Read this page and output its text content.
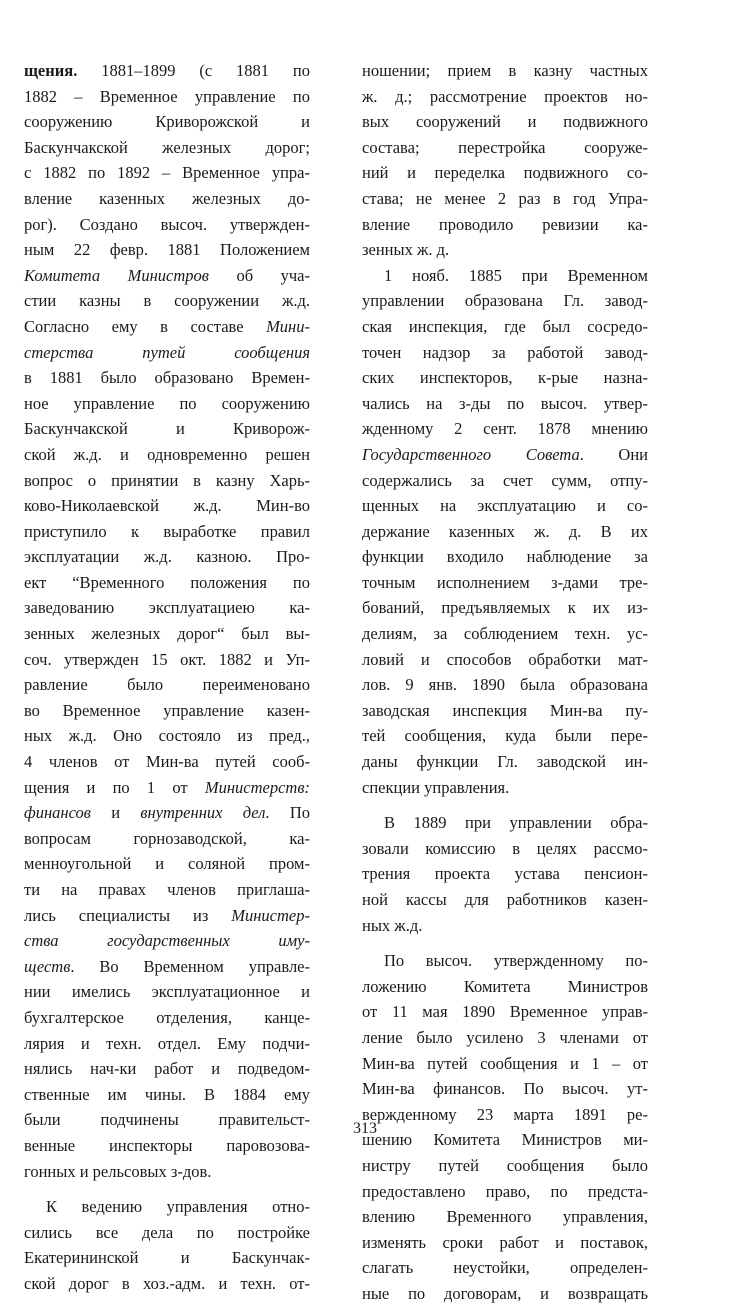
щения. 1881–1899 (с 1881 по
1882 – Временное управление по
сооружению Криворожской и
Баскунчакской железных дорог;
с 1882 по 1892 – Временное упра-
вление казенных железных до-
рог). Создано высоч. утвержден-
ным 22 февр. 1881 Положением
Комитета Министров об уча-
стии казны в сооружении ж.д.
Согласно ему в составе Мини-
стерства путей сообщения
в 1881 было образовано Времен-
ное управление по сооружению
Баскунчакской и Криворож-
ской ж.д. и одновременно решен
вопрос о принятии в казну Харь-
ково-Николаевской ж.д. Мин-во
приступило к выработке правил
эксплуатации ж.д. казною. Про-
ект “Временного положения по
заведованию эксплуатациею ка-
зенных железных дорог“ был вы-
соч. утвержден 15 окт. 1882 и Уп-
равление было переименовано
во Временное управление казен-
ных ж.д. Оно состояло из пред.,
4 членов от Мин-ва путей сооб-
щения и по 1 от Министерств:
финансов и внутренних дел. По
вопросам горнозаводской, ка-
менноугольной и соляной пром-
ти на правах членов приглаша-
лись специалисты из Министер-
ства государственных иму-
ществ. Во Временном управле-
нии имелись эксплуатационное и
бухгалтерское отделения, канце-
лярия и техн. отдел. Ему подчи-
нялись нач-ки работ и подведом-
ственные им чины. В 1884 ему
были подчинены правительст-
венные инспекторы паровозова-
гонных и рельсовых з-дов.
К ведению управления отно-
сились все дела по постройке
Екатерининской и Баскунчак-
ской дорог в хоз.-адм. и техн. от-
ношении; прием в казну частных
ж. д.; рассмотрение проектов но-
вых сооружений и подвижного
состава; перестройка сооруже-
ний и переделка подвижного со-
става; не менее 2 раз в год Упра-
вление проводило ревизии ка-
зенных ж. д.
1 нояб. 1885 при Временном
управлении образована Гл. завод-
ская инспекция, где был сосредо-
точен надзор за работой завод-
ских инспекторов, к-рые назна-
чались на з-ды по высоч. утвер-
жденному 2 сент. 1878 мнению
Государственного Совета. Они
содержались за счет сумм, отпу-
щенных на эксплуатацию и со-
держание казенных ж. д. В их
функции входило наблюдение за
точным исполнением з-дами тре-
бований, предъявляемых к их из-
делиям, за соблюдением техн. ус-
ловий и способов обработки мат-
лов. 9 янв. 1890 была образована
заводская инспекция Мин-ва пу-
тей сообщения, куда были пере-
даны функции Гл. заводской ин-
спекции управления.
В 1889 при управлении обра-
зовали комиссию в целях рассмо-
трения проекта устава пенсион-
ной кассы для работников казен-
ных ж.д.
По высоч. утвержденному по-
ложению Комитета Министров
от 11 мая 1890 Временное управ-
ление было усилено 3 членами от
Мин-ва путей сообщения и 1 – от
Мин-ва финансов. По высоч. ут-
вержденному 23 марта 1891 ре-
шению Комитета Министров ми-
нистру путей сообщения было
предоставлено право, по предста-
влению Временного управления,
изменять сроки работ и поставок,
слагать неустойки, определен-
ные по договорам, и возвращать
313
